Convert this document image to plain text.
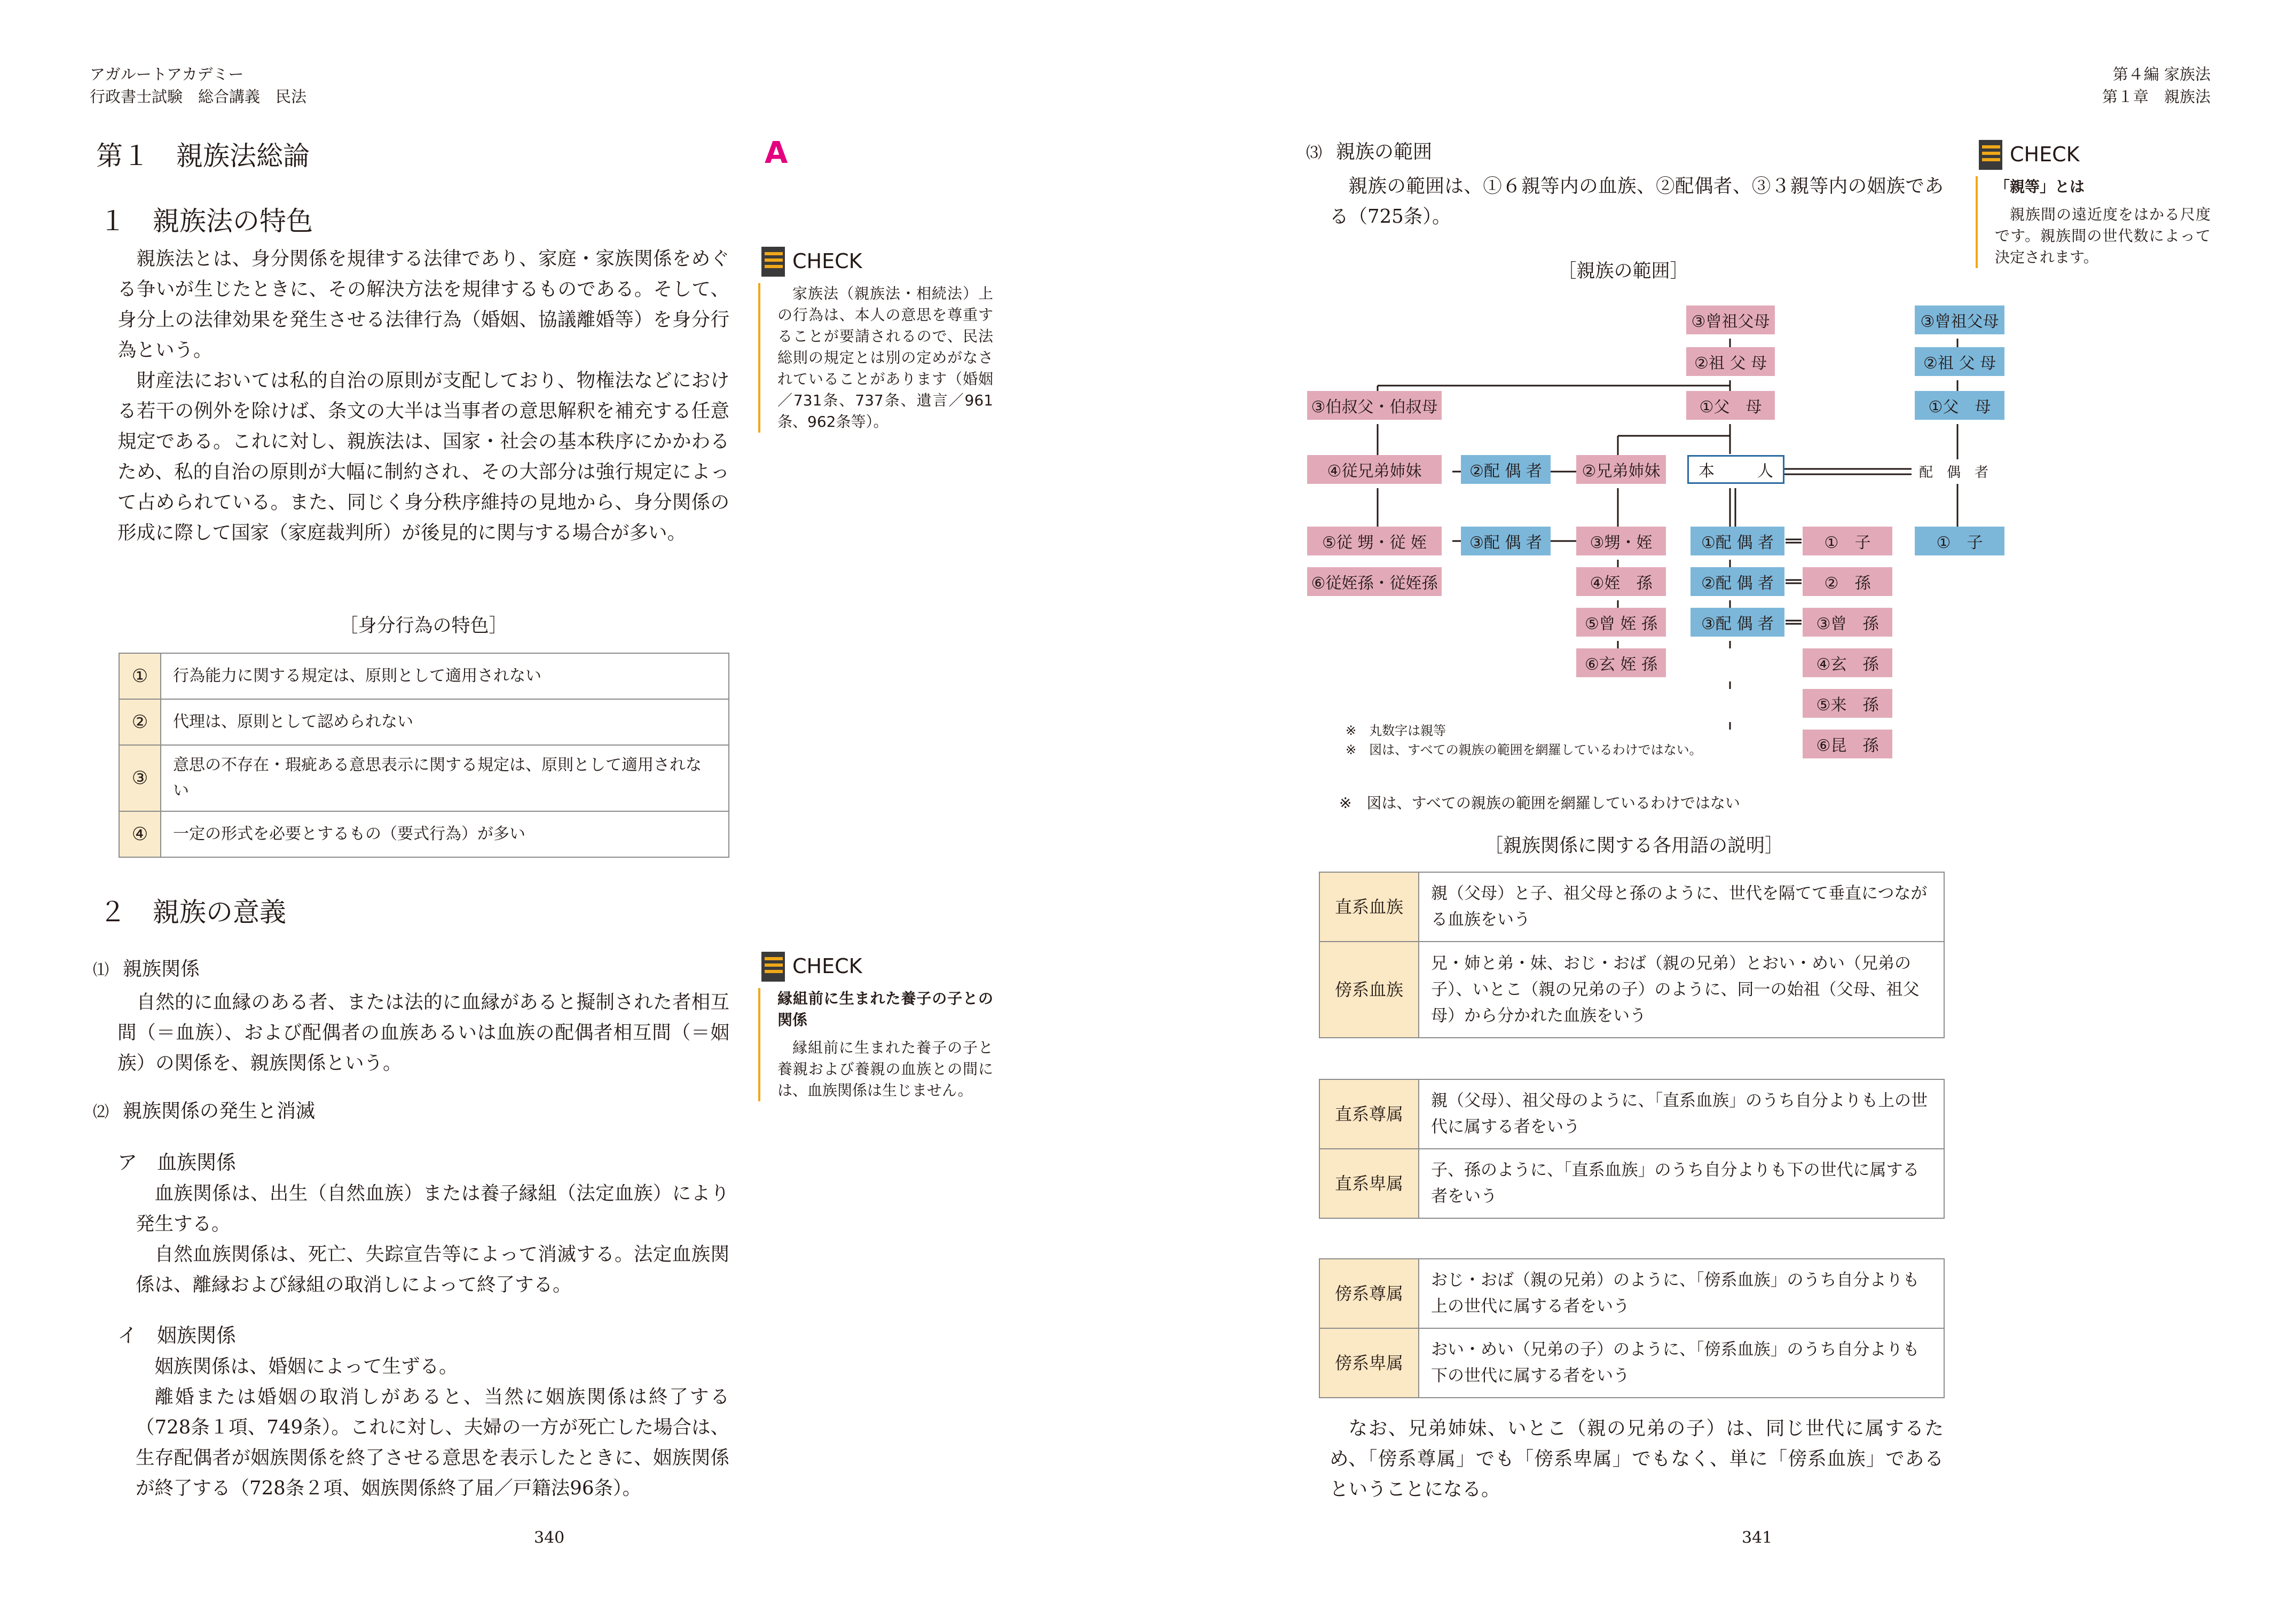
アガルートアカデミー
行政書士試験　総合講義　民法
第１　親族法総論	A
１　親族法の特色

親族法とは、身分関係を規律する法律であり、家庭・家族関係をめぐる争いが生じたときに、その解決方法を規律するものである。そして、身分上の法律効果を発生させる法律行為（婚姻、協議離婚等）を身分行為という。

財産法においては私的自治の原則が支配しており、物権法などにおける若干の例外を除けば、条文の大半は当事者の意思解釈を補充する任意規定である。これに対し、親族法は、国家・社会の基本秩序にかかわるため、私的自治の原則が大幅に制約され、その大部分は強行規定によって占められている。また、同じく身分秩序維持の見地から、身分関係の形成に際して国家（家庭裁判所）が後見的に関与する場合が多い。

［身分行為の特色］
①	行為能力に関する規定は、原則として適用されない
②	代理は、原則として認められない
③	意思の不存在・瑕疵ある意思表示に関する規定は、原則として適用されない
④	一定の形式を必要とするもの（要式行為）が多い
２　親族の意義
⑴ 親族関係

自然的に血縁のある者、または法的に血縁があると擬制された者相互間（＝血族）、および配偶者の血族あるいは血族の配偶者相互間（＝姻族）の関係を、親族関係という。

⑵ 親族関係の発生と消滅
ア　血族関係

血族関係は、出生（自然血族）または養子縁組（法定血族）により発生する。

自然血族関係は、死亡、失踪宣告等によって消滅する。法定血族関係は、離縁および縁組の取消しによって終了する。

イ　姻族関係

姻族関係は、婚姻によって生ずる。

離婚または婚姻の取消しがあると、当然に姻族関係は終了する（728条１項、749条）。これに対し、夫婦の一方が死亡した場合は、生存配偶者が姻族関係を終了させる意思を表示したときに、姻族関係が終了する（728条２項、姻族関係終了届／戸籍法96条）。

CHECK
家族法（親族法・相続法）上の行為は、本人の意思を尊重することが要請されるので、民法総則の規定とは別の定めがなされていることがあります（婚姻／731条、737条、遺言／961条、962条等）。
CHECK
縁組前に生まれた養子の子との関係
縁組前に生まれた養子の子と養親および養親の血族との間には、血族関係は生じません。
340
第４編 家族法
第１章　親族法
⑶ 親族の範囲

親族の範囲は、①６親等内の血族、②配偶者、③３親等内の姻族である（725条）。

［親族の範囲］
③曾祖父母
②祖 父 母
①父　母
③伯叔父・伯叔母
④従兄弟姉妹
⑤従 甥・従 姪
⑥従姪孫・従姪孫
②配 偶 者	②兄弟姉妹	本	人	配　偶　者
③配 偶 者	③甥・姪
④姪　孫
⑤曾 姪 孫
⑥玄 姪 孫
①配 偶 者
②配 偶 者
③配 偶 者
①　子
②　孫
③曾　孫
④玄　孫
⑤来　孫
⑥昆　孫
③曾祖父母
②祖 父 母
①父　母
①　子
※　丸数字は親等
※　図は、すべての親族の範囲を網羅しているわけではない。
※　図は、すべての親族の範囲を網羅しているわけではない
［親族関係に関する各用語の説明］
直系血族	親（父母）と子、祖父母と孫のように、世代を隔てて垂直につながる血族をいう
傍系血族	兄・姉と弟・妹、おじ・おば（親の兄弟）とおい・めい（兄弟の子）、いとこ（親の兄弟の子）のように、同一の始祖（父母、祖父母）から分かれた血族をいう
直系尊属	親（父母）、祖父母のように、「直系血族」のうち自分よりも上の世代に属する者をいう
直系卑属	子、孫のように、「直系血族」のうち自分よりも下の世代に属する者をいう
傍系尊属	おじ・おば（親の兄弟）のように、「傍系血族」のうち自分よりも上の世代に属する者をいう
傍系卑属	おい・めい（兄弟の子）のように、「傍系血族」のうち自分よりも下の世代に属する者をいう

なお、兄弟姉妹、いとこ（親の兄弟の子）は、同じ世代に属するため、「傍系尊属」でも「傍系卑属」でもなく、単に「傍系血族」であるということになる。

CHECK
「親等」とは
親族間の遠近度をはかる尺度です。親族間の世代数によって決定されます。
341
